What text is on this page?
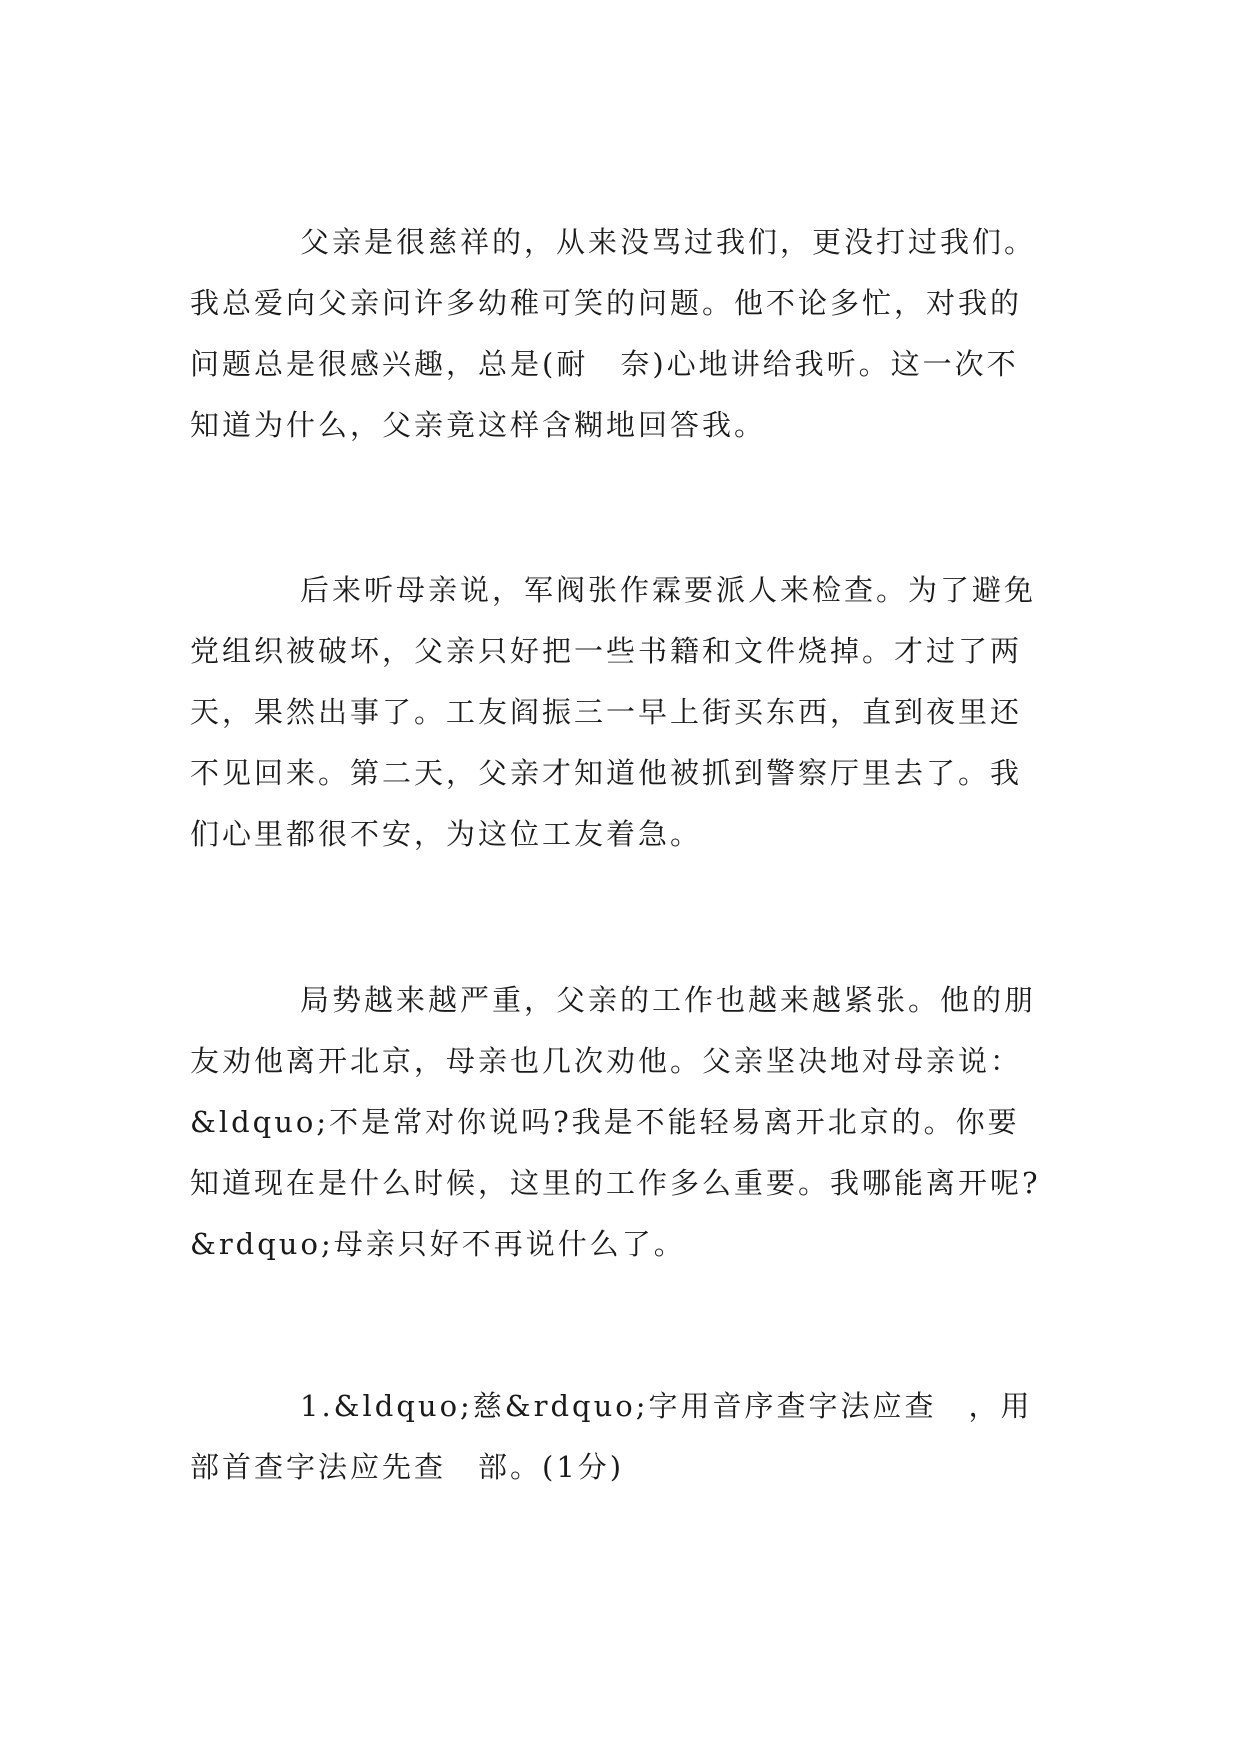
父亲是很慈祥的，从来没骂过我们，更没打过我们。我总爱向父亲问许多幼稚可笑的问题。他不论多忙，对我的问题总是很感兴趣，总是(耐　奈)心地讲给我听。这一次不知道为什么，父亲竟这样含糊地回答我。

后来听母亲说，军阀张作霖要派人来检查。为了避免党组织被破坏，父亲只好把一些书籍和文件烧掉。才过了两天，果然出事了。工友阎振三一早上街买东西，直到夜里还不见回来。第二天，父亲才知道他被抓到警察厅里去了。我们心里都很不安，为这位工友着急。

局势越来越严重，父亲的工作也越来越紧张。他的朋友劝他离开北京，母亲也几次劝他。父亲坚决地对母亲说：&ldquo;不是常对你说吗?我是不能轻易离开北京的。你要知道现在是什么时候，这里的工作多么重要。我哪能离开呢?&rdquo;母亲只好不再说什么了。

1.&ldquo;慈&rdquo;字用音序查字法应查　，用部首查字法应先查　部。(1分)
